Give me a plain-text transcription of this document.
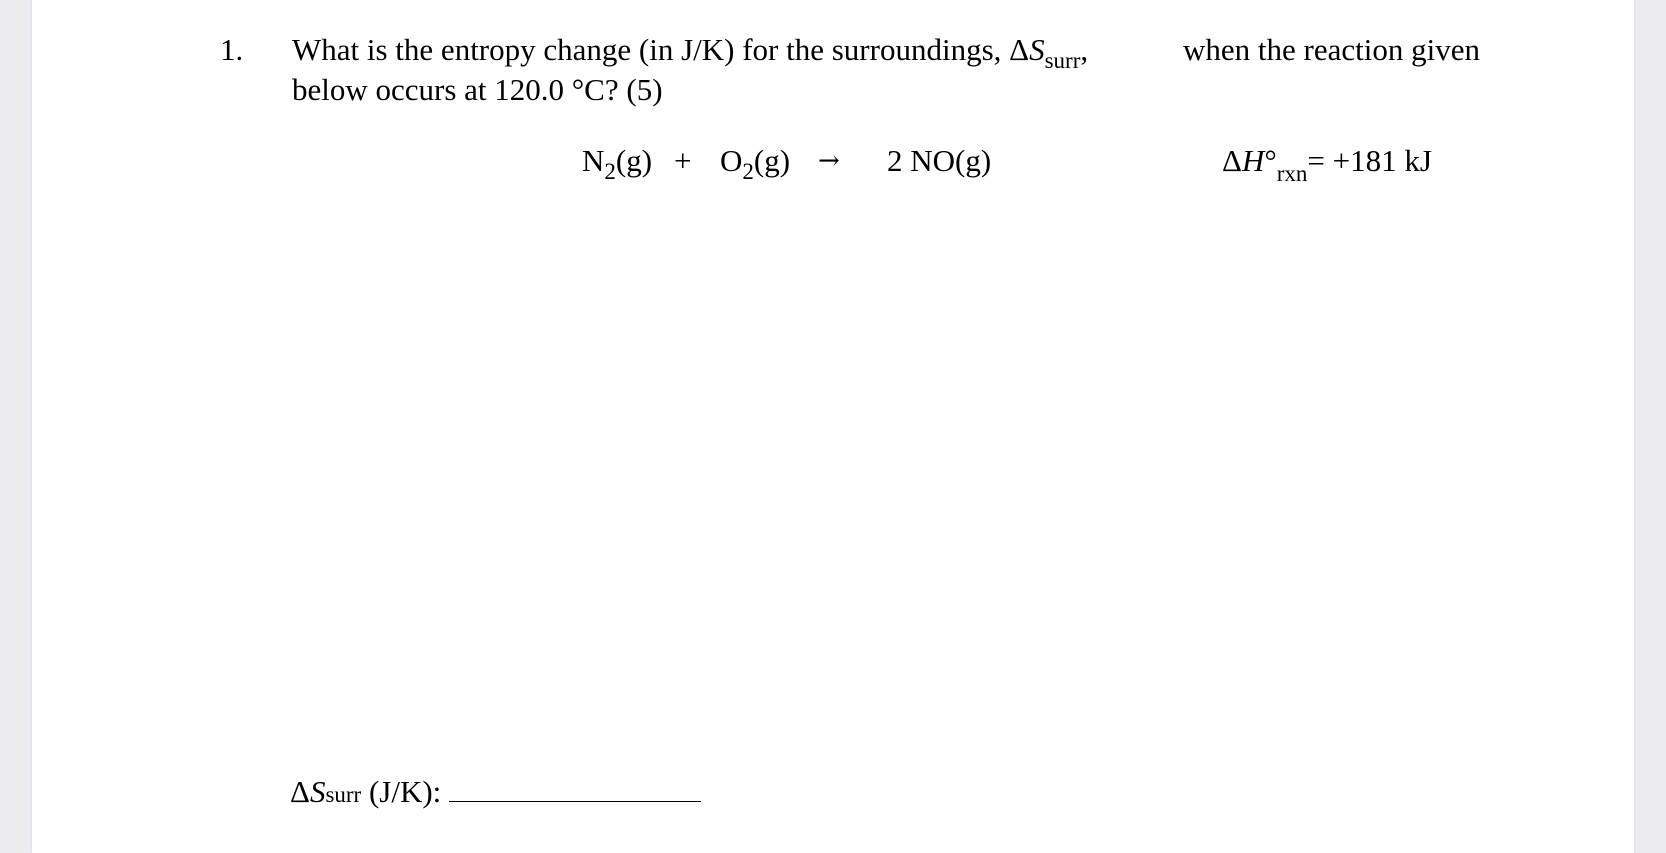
1. What is the entropy change (in J/K) for the surroundings, $\Delta S_{surr}$,	when the reaction given
below occurs at 120.0 °C? (5)
$N_2(g) + O_2(g) \to 2$ NO(g)	$\Delta H^\circ_{rxn}= +181$ kJ
Δ S surr
(J/K):
